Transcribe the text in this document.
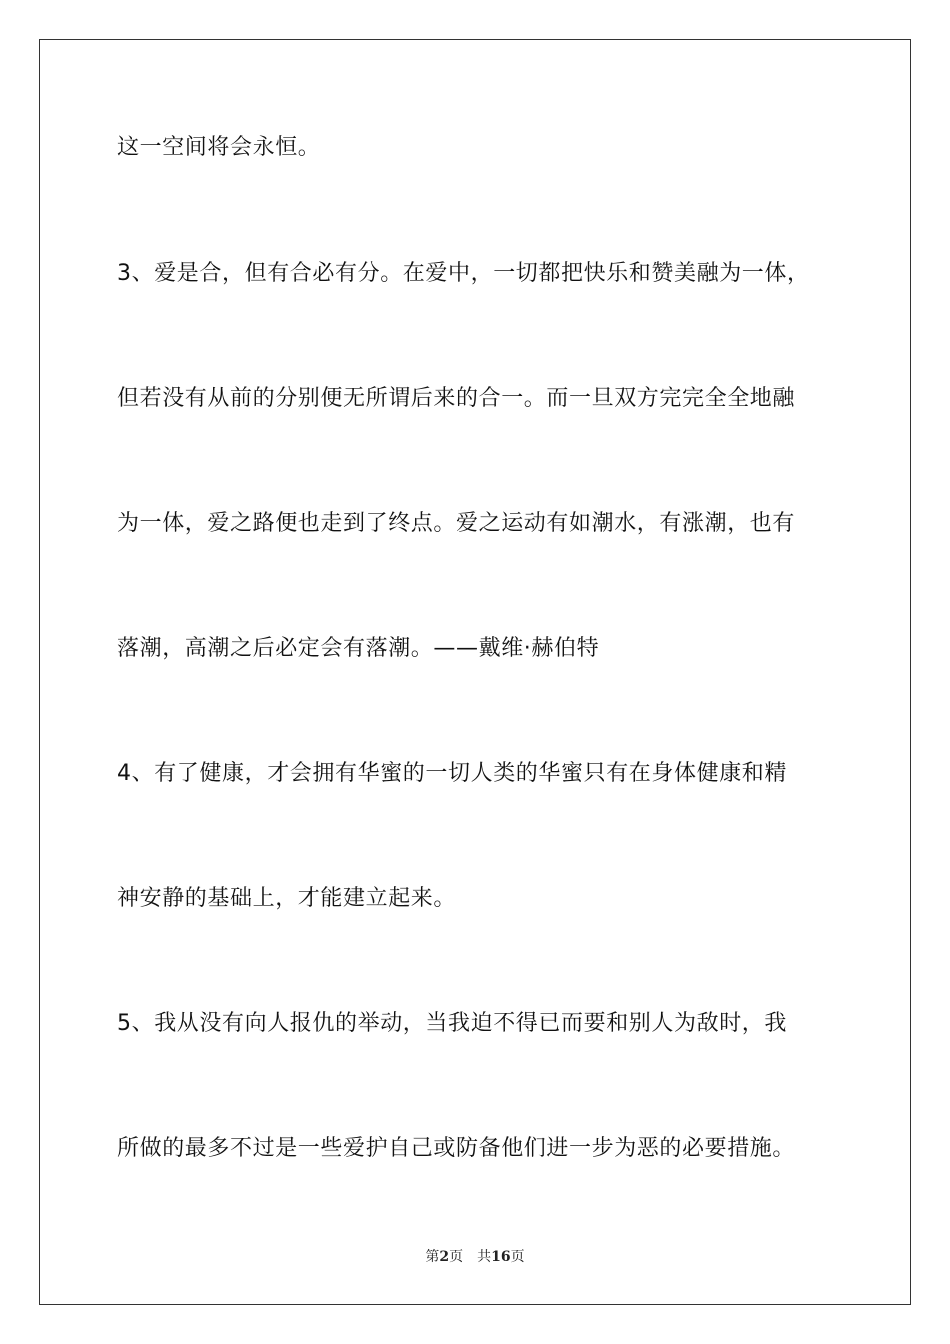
这一空间将会永恒。
3、爱是合，但有合必有分。在爱中，一切都把快乐和赞美融为一体，
但若没有从前的分别便无所谓后来的合一。而一旦双方完完全全地融
为一体，爱之路便也走到了终点。爱之运动有如潮水，有涨潮，也有
落潮，高潮之后必定会有落潮。——戴维·赫伯特
4、有了健康，才会拥有华蜜的一切人类的华蜜只有在身体健康和精
神安静的基础上，才能建立起来。
5、我从没有向人报仇的举动，当我迫不得已而要和别人为敌时，我
所做的最多不过是一些爱护自己或防备他们进一步为恶的必要措施。
第2页 共16页
